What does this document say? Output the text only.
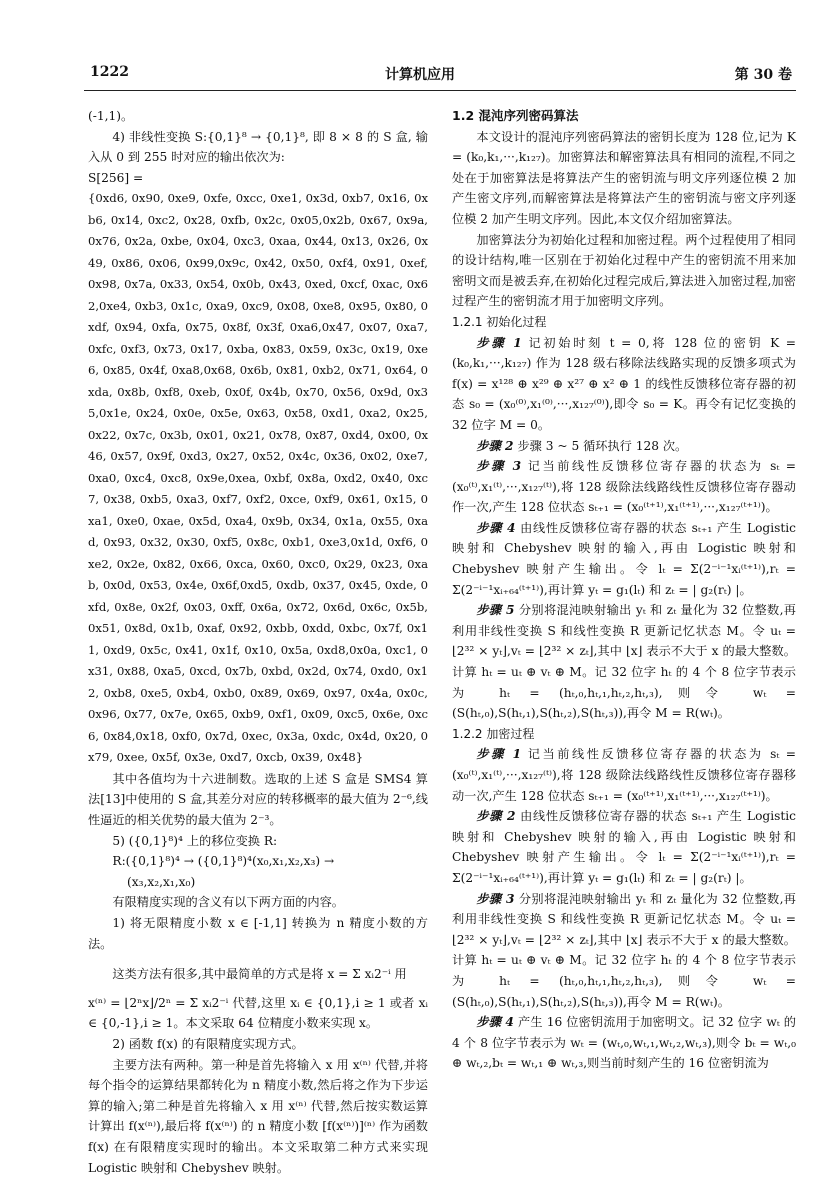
1222	计算机应用	第 30 卷

(-1,1)。

4) 非线性变换 S:{0,1}⁸ → {0,1}⁸, 即 8 × 8 的 S 盒, 输入从 0 到 255 时对应的输出依次为:

S[256] =

{0xd6, 0x90, 0xe9, 0xfe, 0xcc, 0xe1, 0x3d, 0xb7, 0x16, 0xb6, 0x14, 0xc2, 0x28, 0xfb, 0x2c, 0x05,0x2b, 0x67, 0x9a, 0x76, 0x2a, 0xbe, 0x04, 0xc3, 0xaa, 0x44, 0x13, 0x26, 0x49, 0x86, 0x06, 0x99,0x9c, 0x42, 0x50, 0xf4, 0x91, 0xef, 0x98, 0x7a, 0x33, 0x54, 0x0b, 0x43, 0xed, 0xcf, 0xac, 0x62,0xe4, 0xb3, 0x1c, 0xa9, 0xc9, 0x08, 0xe8, 0x95, 0x80, 0xdf, 0x94, 0xfa, 0x75, 0x8f, 0x3f, 0xa6,0x47, 0x07, 0xa7, 0xfc, 0xf3, 0x73, 0x17, 0xba, 0x83, 0x59, 0x3c, 0x19, 0xe6, 0x85, 0x4f, 0xa8,0x68, 0x6b, 0x81, 0xb2, 0x71, 0x64, 0xda, 0x8b, 0xf8, 0xeb, 0x0f, 0x4b, 0x70, 0x56, 0x9d, 0x35,0x1e, 0x24, 0x0e, 0x5e, 0x63, 0x58, 0xd1, 0xa2, 0x25, 0x22, 0x7c, 0x3b, 0x01, 0x21, 0x78, 0x87, 0xd4, 0x00, 0x46, 0x57, 0x9f, 0xd3, 0x27, 0x52, 0x4c, 0x36, 0x02, 0xe7, 0xa0, 0xc4, 0xc8, 0x9e,0xea, 0xbf, 0x8a, 0xd2, 0x40, 0xc7, 0x38, 0xb5, 0xa3, 0xf7, 0xf2, 0xce, 0xf9, 0x61, 0x15, 0xa1, 0xe0, 0xae, 0x5d, 0xa4, 0x9b, 0x34, 0x1a, 0x55, 0xad, 0x93, 0x32, 0x30, 0xf5, 0x8c, 0xb1, 0xe3,0x1d, 0xf6, 0xe2, 0x2e, 0x82, 0x66, 0xca, 0x60, 0xc0, 0x29, 0x23, 0xab, 0x0d, 0x53, 0x4e, 0x6f,0xd5, 0xdb, 0x37, 0x45, 0xde, 0xfd, 0x8e, 0x2f, 0x03, 0xff, 0x6a, 0x72, 0x6d, 0x6c, 0x5b, 0x51, 0x8d, 0x1b, 0xaf, 0x92, 0xbb, 0xdd, 0xbc, 0x7f, 0x11, 0xd9, 0x5c, 0x41, 0x1f, 0x10, 0x5a, 0xd8,0x0a, 0xc1, 0x31, 0x88, 0xa5, 0xcd, 0x7b, 0xbd, 0x2d, 0x74, 0xd0, 0x12, 0xb8, 0xe5, 0xb4, 0xb0, 0x89, 0x69, 0x97, 0x4a, 0x0c, 0x96, 0x77, 0x7e, 0x65, 0xb9, 0xf1, 0x09, 0xc5, 0x6e, 0xc6, 0x84,0x18, 0xf0, 0x7d, 0xec, 0x3a, 0xdc, 0x4d, 0x20, 0x79, 0xee, 0x5f, 0x3e, 0xd7, 0xcb, 0x39, 0x48}

其中各值均为十六进制数。选取的上述 S 盒是 SMS4 算法[13]中使用的 S 盒,其差分对应的转移概率的最大值为 2⁻⁶,线性逼近的相关优势的最大值为 2⁻³。

5) ({0,1}⁸)⁴ 上的移位变换 R:

R:({0,1}⁸)⁴ → ({0,1}⁸)⁴(x₀,x₁,x₂,x₃) →

(x₃,x₂,x₁,x₀)

有限精度实现的含义有以下两方面的内容。

1) 将无限精度小数 x ∈ [-1,1] 转换为 n 精度小数的方法。

这类方法有很多,其中最简单的方式是将 x = Σ xᵢ2⁻ⁱ 用

x⁽ⁿ⁾ = ⌊2ⁿx⌋/2ⁿ = Σ xᵢ2⁻ⁱ 代替,这里 xᵢ ∈ {0,1},i ≥ 1 或者 xᵢ ∈ {0,-1},i ≥ 1。本文采取 64 位精度小数来实现 x。

2) 函数 f(x) 的有限精度实现方式。

主要方法有两种。第一种是首先将输入 x 用 x⁽ⁿ⁾ 代替,并将每个指令的运算结果都转化为 n 精度小数,然后将之作为下步运算的输入;第二种是首先将输入 x 用 x⁽ⁿ⁾ 代替,然后按实数运算计算出 f(x⁽ⁿ⁾),最后将 f(x⁽ⁿ⁾) 的 n 精度小数 [f(x⁽ⁿ⁾)]⁽ⁿ⁾ 作为函数 f(x) 在有限精度实现时的输出。本文采取第二种方式来实现 Logistic 映射和 Chebyshev 映射。

1.2 混沌序列密码算法

本文设计的混沌序列密码算法的密钥长度为 128 位,记为 K = (k₀,k₁,···,k₁₂₇)。加密算法和解密算法具有相同的流程,不同之处在于加密算法是将算法产生的密钥流与明文序列逐位模 2 加产生密文序列,而解密算法是将算法产生的密钥流与密文序列逐位模 2 加产生明文序列。因此,本文仅介绍加密算法。

加密算法分为初始化过程和加密过程。两个过程使用了相同的设计结构,唯一区别在于初始化过程中产生的密钥流不用来加密明文而是被丢弃,在初始化过程完成后,算法进入加密过程,加密过程产生的密钥流才用于加密明文序列。

1.2.1 初始化过程

步骤 1 记初始时刻 t = 0,将 128 位的密钥 K = (k₀,k₁,···,k₁₂₇) 作为 128 级右移除法线路实现的反馈多项式为 f(x) = x¹²⁸ ⊕ x²⁹ ⊕ x²⁷ ⊕ x² ⊕ 1 的线性反馈移位寄存器的初态 s₀ = (x₀⁽⁰⁾,x₁⁽⁰⁾,···,x₁₂₇⁽⁰⁾),即令 s₀ = K。再令有记忆变换的 32 位字 M = 0。

步骤 2 步骤 3 ~ 5 循环执行 128 次。

步骤 3 记当前线性反馈移位寄存器的状态为 sₜ = (x₀⁽ᵗ⁾,x₁⁽ᵗ⁾,···,x₁₂₇⁽ᵗ⁾),将 128 级除法线路线性反馈移位寄存器动作一次,产生 128 位状态 sₜ₊₁ = (x₀⁽ᵗ⁺¹⁾,x₁⁽ᵗ⁺¹⁾,···,x₁₂₇⁽ᵗ⁺¹⁾)。

步骤 4 由线性反馈移位寄存器的状态 sₜ₊₁ 产生 Logistic 映射和 Chebyshev 映射的输入,再由 Logistic 映射和 Chebyshev 映射产生输出。令 lₜ = Σ(2⁻ⁱ⁻¹xᵢ⁽ᵗ⁺¹⁾),rₜ = Σ(2⁻ⁱ⁻¹xᵢ₊₆₄⁽ᵗ⁺¹⁾),再计算 yₜ = g₁(lₜ) 和 zₜ = | g₂(rₜ) |。

步骤 5 分别将混沌映射输出 yₜ 和 zₜ 量化为 32 位整数,再利用非线性变换 S 和线性变换 R 更新记忆状态 M。令 uₜ = ⌊2³² × yₜ⌋,vₜ = ⌊2³² × zₜ⌋,其中 ⌊x⌋ 表示不大于 x 的最大整数。计算 hₜ = uₜ ⊕ vₜ ⊕ M。记 32 位字 hₜ 的 4 个 8 位字节表示为 hₜ = (hₜ,₀,hₜ,₁,hₜ,₂,hₜ,₃),则令 wₜ = (S(hₜ,₀),S(hₜ,₁),S(hₜ,₂),S(hₜ,₃)),再令 M = R(wₜ)。

1.2.2 加密过程

步骤 1 记当前线性反馈移位寄存器的状态为 sₜ = (x₀⁽ᵗ⁾,x₁⁽ᵗ⁾,···,x₁₂₇⁽ᵗ⁾),将 128 级除法线路线性反馈移位寄存器移动一次,产生 128 位状态 sₜ₊₁ = (x₀⁽ᵗ⁺¹⁾,x₁⁽ᵗ⁺¹⁾,···,x₁₂₇⁽ᵗ⁺¹⁾)。

步骤 2 由线性反馈移位寄存器的状态 sₜ₊₁ 产生 Logistic 映射和 Chebyshev 映射的输入,再由 Logistic 映射和 Chebyshev 映射产生输出。令 lₜ = Σ(2⁻ⁱ⁻¹xᵢ⁽ᵗ⁺¹⁾),rₜ = Σ(2⁻ⁱ⁻¹xᵢ₊₆₄⁽ᵗ⁺¹⁾),再计算 yₜ = g₁(lₜ) 和 zₜ = | g₂(rₜ) |。

步骤 3 分别将混沌映射输出 yₜ 和 zₜ 量化为 32 位整数,再利用非线性变换 S 和线性变换 R 更新记忆状态 M。令 uₜ = ⌊2³² × yₜ⌋,vₜ = ⌊2³² × zₜ⌋,其中 ⌊x⌋ 表示不大于 x 的最大整数。计算 hₜ = uₜ ⊕ vₜ ⊕ M。记 32 位字 hₜ 的 4 个 8 位字节表示为 hₜ = (hₜ,₀,hₜ,₁,hₜ,₂,hₜ,₃),则令 wₜ = (S(hₜ,₀),S(hₜ,₁),S(hₜ,₂),S(hₜ,₃)),再令 M = R(wₜ)。

步骤 4 产生 16 位密钥流用于加密明文。记 32 位字 wₜ 的 4 个 8 位字节表示为 wₜ = (wₜ,₀,wₜ,₁,wₜ,₂,wₜ,₃),则令 bₜ = wₜ,₀ ⊕ wₜ,₂,bₜ = wₜ,₁ ⊕ wₜ,₃,则当前时刻产生的 16 位密钥流为
